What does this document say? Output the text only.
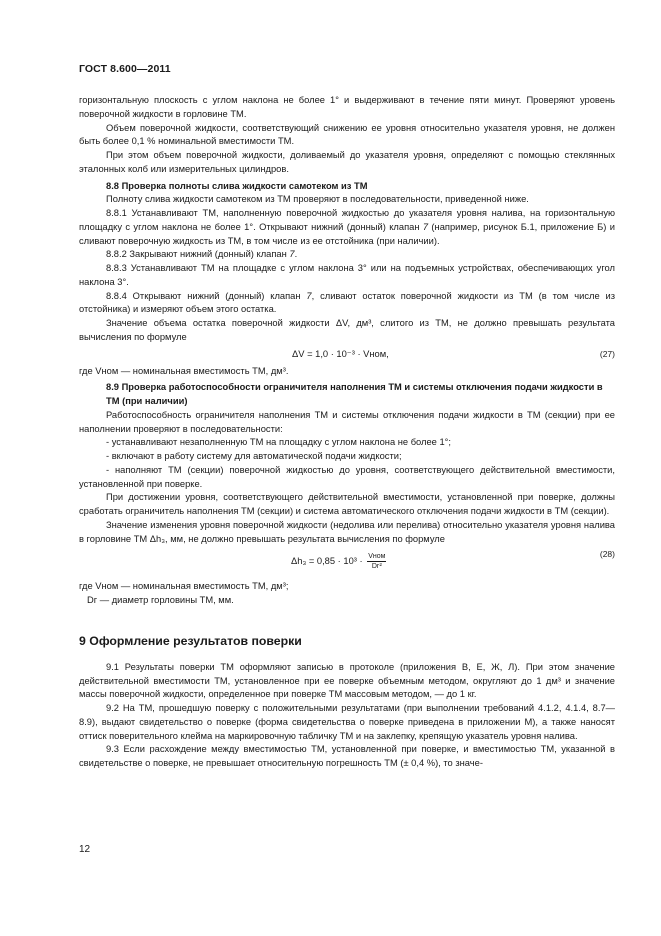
ГОСТ 8.600—2011

горизонтальную плоскость с углом наклона не более 1° и выдерживают в течение пяти минут. Проверяют уровень поверочной жидкости в горловине ТМ.

Объем поверочной жидкости, соответствующий снижению ее уровня относительно указателя уровня, не должен быть более 0,1 % номинальной вместимости ТМ.

При этом объем поверочной жидкости, доливаемый до указателя уровня, определяют с помощью стеклянных эталонных колб или измерительных цилиндров.

8.8 Проверка полноты слива жидкости самотеком из ТМ

Полноту слива жидкости самотеком из ТМ проверяют в последовательности, приведенной ниже.

8.8.1 Устанавливают ТМ, наполненную поверочной жидкостью до указателя уровня налива, на горизонтальную площадку с углом наклона не более 1°. Открывают нижний (донный) клапан 7 (например, рисунок Б.1, приложение Б) и сливают поверочную жидкость из ТМ, в том числе из ее отстойника (при наличии).

8.8.2 Закрывают нижний (донный) клапан 7.

8.8.3 Устанавливают ТМ на площадке с углом наклона 3° или на подъемных устройствах, обеспечивающих угол наклона 3°.

8.8.4 Открывают нижний (донный) клапан 7, сливают остаток поверочной жидкости из ТМ (в том числе из отстойника) и измеряют объем этого остатка.

Значение объема остатка поверочной жидкости ΔV, дм³, слитого из ТМ, не должно превышать результата вычисления по формуле

ΔV = 1,0 · 10⁻³ · Vном,	(27)

где Vном — номинальная вместимость ТМ, дм³.

8.9 Проверка работоспособности ограничителя наполнения ТМ и системы отключения подачи жидкости в ТМ (при наличии)

Работоспособность ограничителя наполнения ТМ и системы отключения подачи жидкости в ТМ (секции) при ее наполнении проверяют в последовательности:

- устанавливают незаполненную ТМ на площадку с углом наклона не более 1°;

- включают в работу систему для автоматической подачи жидкости;

- наполняют ТМ (секции) поверочной жидкостью до уровня, соответствующего действительной вместимости, установленной при поверке.

При достижении уровня, соответствующего действительной вместимости, установленной при поверке, должны сработать ограничитель наполнения ТМ (секции) и система автоматического отключения подачи жидкости в ТМ (секции).

Значение изменения уровня поверочной жидкости (недолива или перелива) относительно указателя уровня налива в горловине ТМ Δh₃, мм, не должно превышать результата вычисления по формуле

$\Delta h_3 = 0,85 \cdot 10^3 \cdot \frac{\text{Vном}}{\text{Dг²}}$	(28)

где Vном — номинальная вместимость ТМ, дм³;

Dг — диаметр горловины ТМ, мм.

9 Оформление результатов поверки

9.1 Результаты поверки ТМ оформляют записью в протоколе (приложения В, Е, Ж, Л). При этом значение действительной вместимости ТМ, установленное при ее поверке объемным методом, округляют до 1 дм³ и значение массы поверочной жидкости, определенное при поверке ТМ массовым методом, — до 1 кг.

9.2 На ТМ, прошедшую поверку с положительными результатами (при выполнении требований 4.1.2, 4.1.4, 8.7—8.9), выдают свидетельство о поверке (форма свидетельства о поверке приведена в приложении М), а также наносят оттиск поверительного клейма на маркировочную табличку ТМ и на заклепку, крепящую указатель уровня налива.

9.3 Если расхождение между вместимостью ТМ, установленной при поверке, и вместимостью ТМ, указанной в свидетельстве о поверке, не превышает относительную погрешность ТМ (± 0,4 %), то значе-

12
